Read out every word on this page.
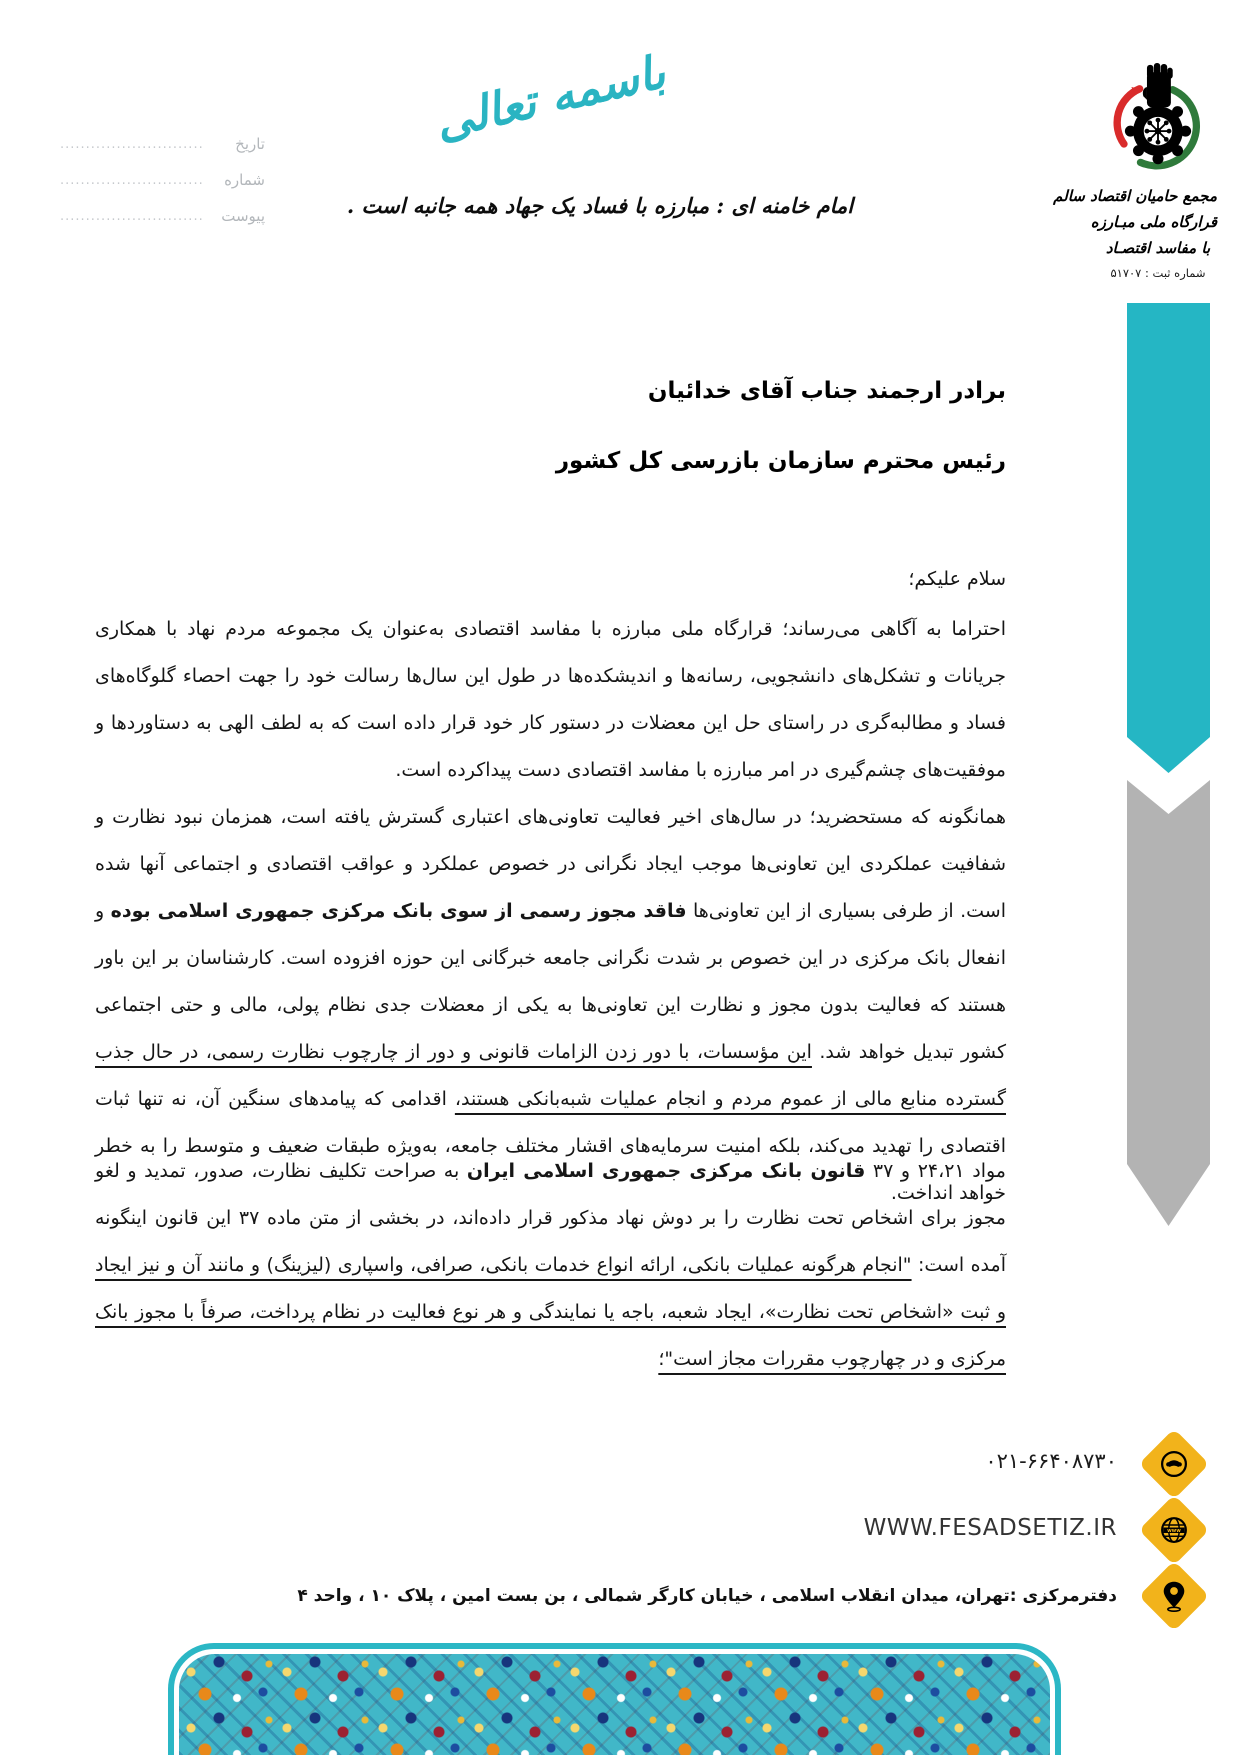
تاریخ
............................
شماره
............................
پیوست
............................
باسمه تعالی
امام خامنه ای : مبارزه با فساد یک جهاد همه جانبه است .	مجمع حامیان اقتصاد سالم
قرارگاه ملی مبـارزه
با مفاسد اقتصـاد
شماره ثبت : ۵۱۷۰۷
برادر ارجمند جناب آقای خدائیان
رئیس محترم سازمان بازرسی کل کشور
سلام علیکم؛
احتراما به آگاهی می‌رساند؛ قرارگاه ملی مبارزه با مفاسد اقتصادی به‌عنوان یک مجموعه مردم نهاد با همکاری جریانات و تشکل‌های دانشجویی، رسانه‌ها و اندیشکده‌ها در طول این سال‌ها رسالت خود را جهت احصاء گلوگاه‌های فساد و مطالبه‌گری در راستای حل این معضلات در دستور کار خود قرار داده است که به لطف الهی به دستاوردها و موفقیت‌های چشم‌گیری در امر مبارزه با مفاسد اقتصادی دست پیداکرده است.
همانگونه که مستحضرید؛ در سال‌های اخیر فعالیت تعاونی‌های اعتباری گسترش یافته است، همزمان نبود نظارت و شفافیت عملکردی این تعاونی‌ها موجب ایجاد نگرانی در خصوص عملکرد و عواقب اقتصادی و اجتماعی آنها شده است. از طرفی بسیاری از این تعاونی‌ها فاقد مجوز رسمی از سوی بانک مرکزی جمهوری اسلامی بوده و انفعال بانک مرکزی در این خصوص بر شدت نگرانی جامعه خبرگانی این حوزه افزوده است. کارشناسان بر این باور هستند که فعالیت بدون مجوز و نظارت این تعاونی‌ها به یکی از معضلات جدی نظام پولی، مالی و حتی اجتماعی کشور تبدیل خواهد شد. این مؤسسات، با دور زدن الزامات قانونی و دور از چارچوب نظارت رسمی، در حال جذب گسترده منابع مالی از عموم مردم و انجام عملیات شبه‌بانکی هستند، اقدامی که پیامدهای سنگین آن، نه تنها ثبات اقتصادی را تهدید می‌کند، بلکه امنیت سرمایه‌های اقشار مختلف جامعه، به‌ویژه طبقات ضعیف و متوسط را به خطر خواهد انداخت.
مواد ۲۴،۲۱ و ۳۷ قانون بانک مرکزی جمهوری اسلامی ایران به صراحت تکلیف نظارت، صدور، تمدید و لغو مجوز برای اشخاص تحت نظارت را بر دوش نهاد مذکور قرار داده‌اند، در بخشی از متن ماده ۳۷ این قانون اینگونه آمده است: "انجام هرگونه عملیات بانکی، ارائه انواع خدمات بانکی، صرافی، واسپاری (لیزینگ) و مانند آن و نیز ایجاد و ثبت «اشخاص تحت نظارت»، ایجاد شعبه، باجه یا نمایندگی و هر نوع فعالیت در نظام پرداخت، صرفاً با مجوز بانک مرکزی و در چهارچوب مقررات مجاز است"؛
۰۲۱-۶۶۴۰۸۷۳۰
www
WWW.FESADSETIZ.IR
دفترمرکزی :تهران، میدان انقلاب اسلامی ، خیابان کارگر شمالی ، بن بست امین ، پلاک ۱۰ ، واحد ۴
